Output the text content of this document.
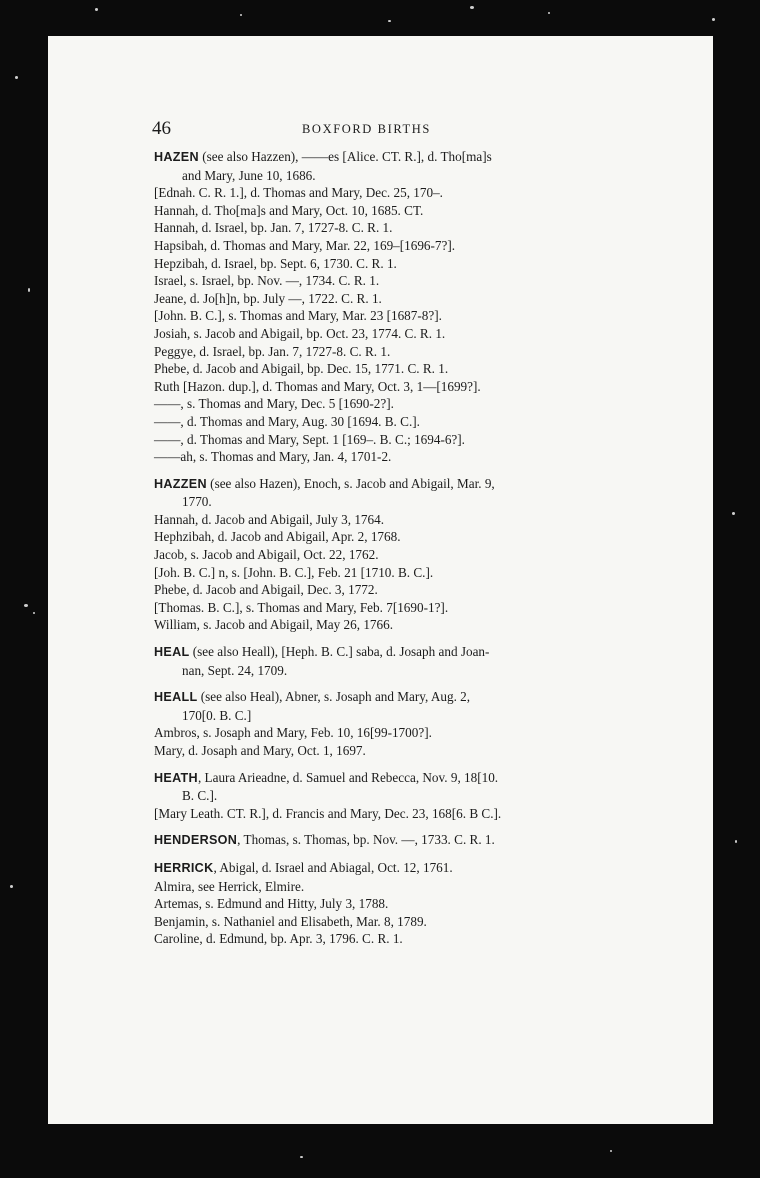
46	BOXFORD BIRTHS
HAZEN (see also Hazzen), ——es [Alice. CT. R.], d. Tho[ma]s
and Mary, June 10, 1686.
[Ednah. C. R. 1.], d. Thomas and Mary, Dec. 25, 170–.
Hannah, d. Tho[ma]s and Mary, Oct. 10, 1685. CT.
Hannah, d. Israel, bp. Jan. 7, 1727-8. C. R. 1.
Hapsibah, d. Thomas and Mary, Mar. 22, 169–[1696-7?].
Hepzibah, d. Israel, bp. Sept. 6, 1730. C. R. 1.
Israel, s. Israel, bp. Nov. —, 1734. C. R. 1.
Jeane, d. Jo[h]n, bp. July —, 1722. C. R. 1.
[John. B. C.], s. Thomas and Mary, Mar. 23 [1687-8?].
Josiah, s. Jacob and Abigail, bp. Oct. 23, 1774. C. R. 1.
Peggye, d. Israel, bp. Jan. 7, 1727-8. C. R. 1.
Phebe, d. Jacob and Abigail, bp. Dec. 15, 1771. C. R. 1.
Ruth [Hazon. dup.], d. Thomas and Mary, Oct. 3, 1—[1699?].
——, s. Thomas and Mary, Dec. 5 [1690-2?].
——, d. Thomas and Mary, Aug. 30 [1694. B. C.].
——, d. Thomas and Mary, Sept. 1 [169–. B. C.; 1694-6?].
——ah, s. Thomas and Mary, Jan. 4, 1701-2.
HAZZEN (see also Hazen), Enoch, s. Jacob and Abigail, Mar. 9,
1770.
Hannah, d. Jacob and Abigail, July 3, 1764.
Hephzibah, d. Jacob and Abigail, Apr. 2, 1768.
Jacob, s. Jacob and Abigail, Oct. 22, 1762.
[Joh. B. C.] n, s. [John. B. C.], Feb. 21 [1710. B. C.].
Phebe, d. Jacob and Abigail, Dec. 3, 1772.
[Thomas. B. C.], s. Thomas and Mary, Feb. 7[1690-1?].
William, s. Jacob and Abigail, May 26, 1766.
HEAL (see also Heall), [Heph. B. C.] saba, d. Josaph and Joan-
nan, Sept. 24, 1709.
HEALL (see also Heal), Abner, s. Josaph and Mary, Aug. 2,
170[0. B. C.]
Ambros, s. Josaph and Mary, Feb. 10, 16[99-1700?].
Mary, d. Josaph and Mary, Oct. 1, 1697.
HEATH, Laura Arieadne, d. Samuel and Rebecca, Nov. 9, 18[10.
B. C.].
[Mary Leath. CT. R.], d. Francis and Mary, Dec. 23, 168[6. B C.].
HENDERSON, Thomas, s. Thomas, bp. Nov. —, 1733. C. R. 1.
HERRICK, Abigal, d. Israel and Abiagal, Oct. 12, 1761.
Almira, see Herrick, Elmire.
Artemas, s. Edmund and Hitty, July 3, 1788.
Benjamin, s. Nathaniel and Elisabeth, Mar. 8, 1789.
Caroline, d. Edmund, bp. Apr. 3, 1796. C. R. 1.
